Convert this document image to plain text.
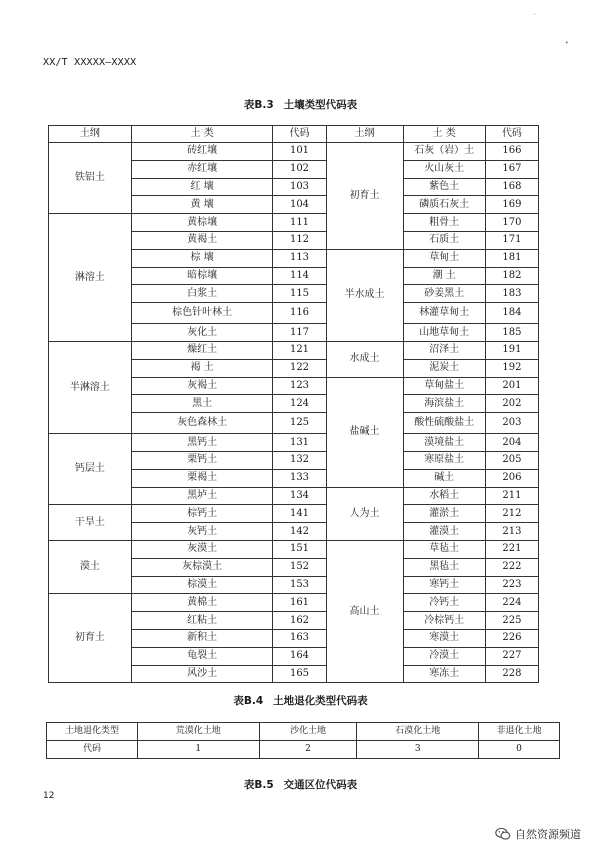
XX/T XXXXX—XXXX
ˊ
•
表B.3 土壤类型代码表
土纲	土 类	代码	土纲	土 类	代码
铁铝土	砖红壤	101	初育土	石灰（岩）土	166
	赤红壤	102		火山灰土	167
	红 壤	103		紫色土	168
	黄 壤	104		磷质石灰土	169
淋溶土	黄棕壤	111		粗骨土	170
	黄褐土	112		石质土	171
	棕 壤	113	半水成土	草甸土	181
	暗棕壤	114		潮 土	182
	白浆土	115		砂姜黑土	183
	棕色针叶林土	116		林灌草甸土	184
	灰化土	117		山地草甸土	185
半淋溶土	燥红土	121	水成土	沼泽土	191
	褐 土	122		泥炭土	192
	灰褐土	123	盐碱土	草甸盐土	201
	黑土	124		海滨盐土	202
	灰色森林土	125		酸性硫酸盐土	203
钙层土	黑钙土	131		漠境盐土	204
	栗钙土	132		寒原盐土	205
	栗褐土	133		碱土	206
	黑垆土	134	人为土	水稻土	211
干旱土	棕钙土	141		灌淤土	212
	灰钙土	142		灌漠土	213
漠土	灰漠土	151	高山土	草毡土	221
	灰棕漠土	152		黑毡土	222
	棕漠土	153		寒钙土	223
初育土	黄棉土	161		冷钙土	224
	红粘土	162		冷棕钙土	225
	新积土	163		寒漠土	226
	龟裂土	164		冷漠土	227
	风沙土	165		寒冻土	228
表B.4 土地退化类型代码表
土地退化类型	荒漠化土地	沙化土地	石漠化土地	非退化土地
代码	1	2	3	0
表B.5 交通区位代码表
12
自然资源频道
